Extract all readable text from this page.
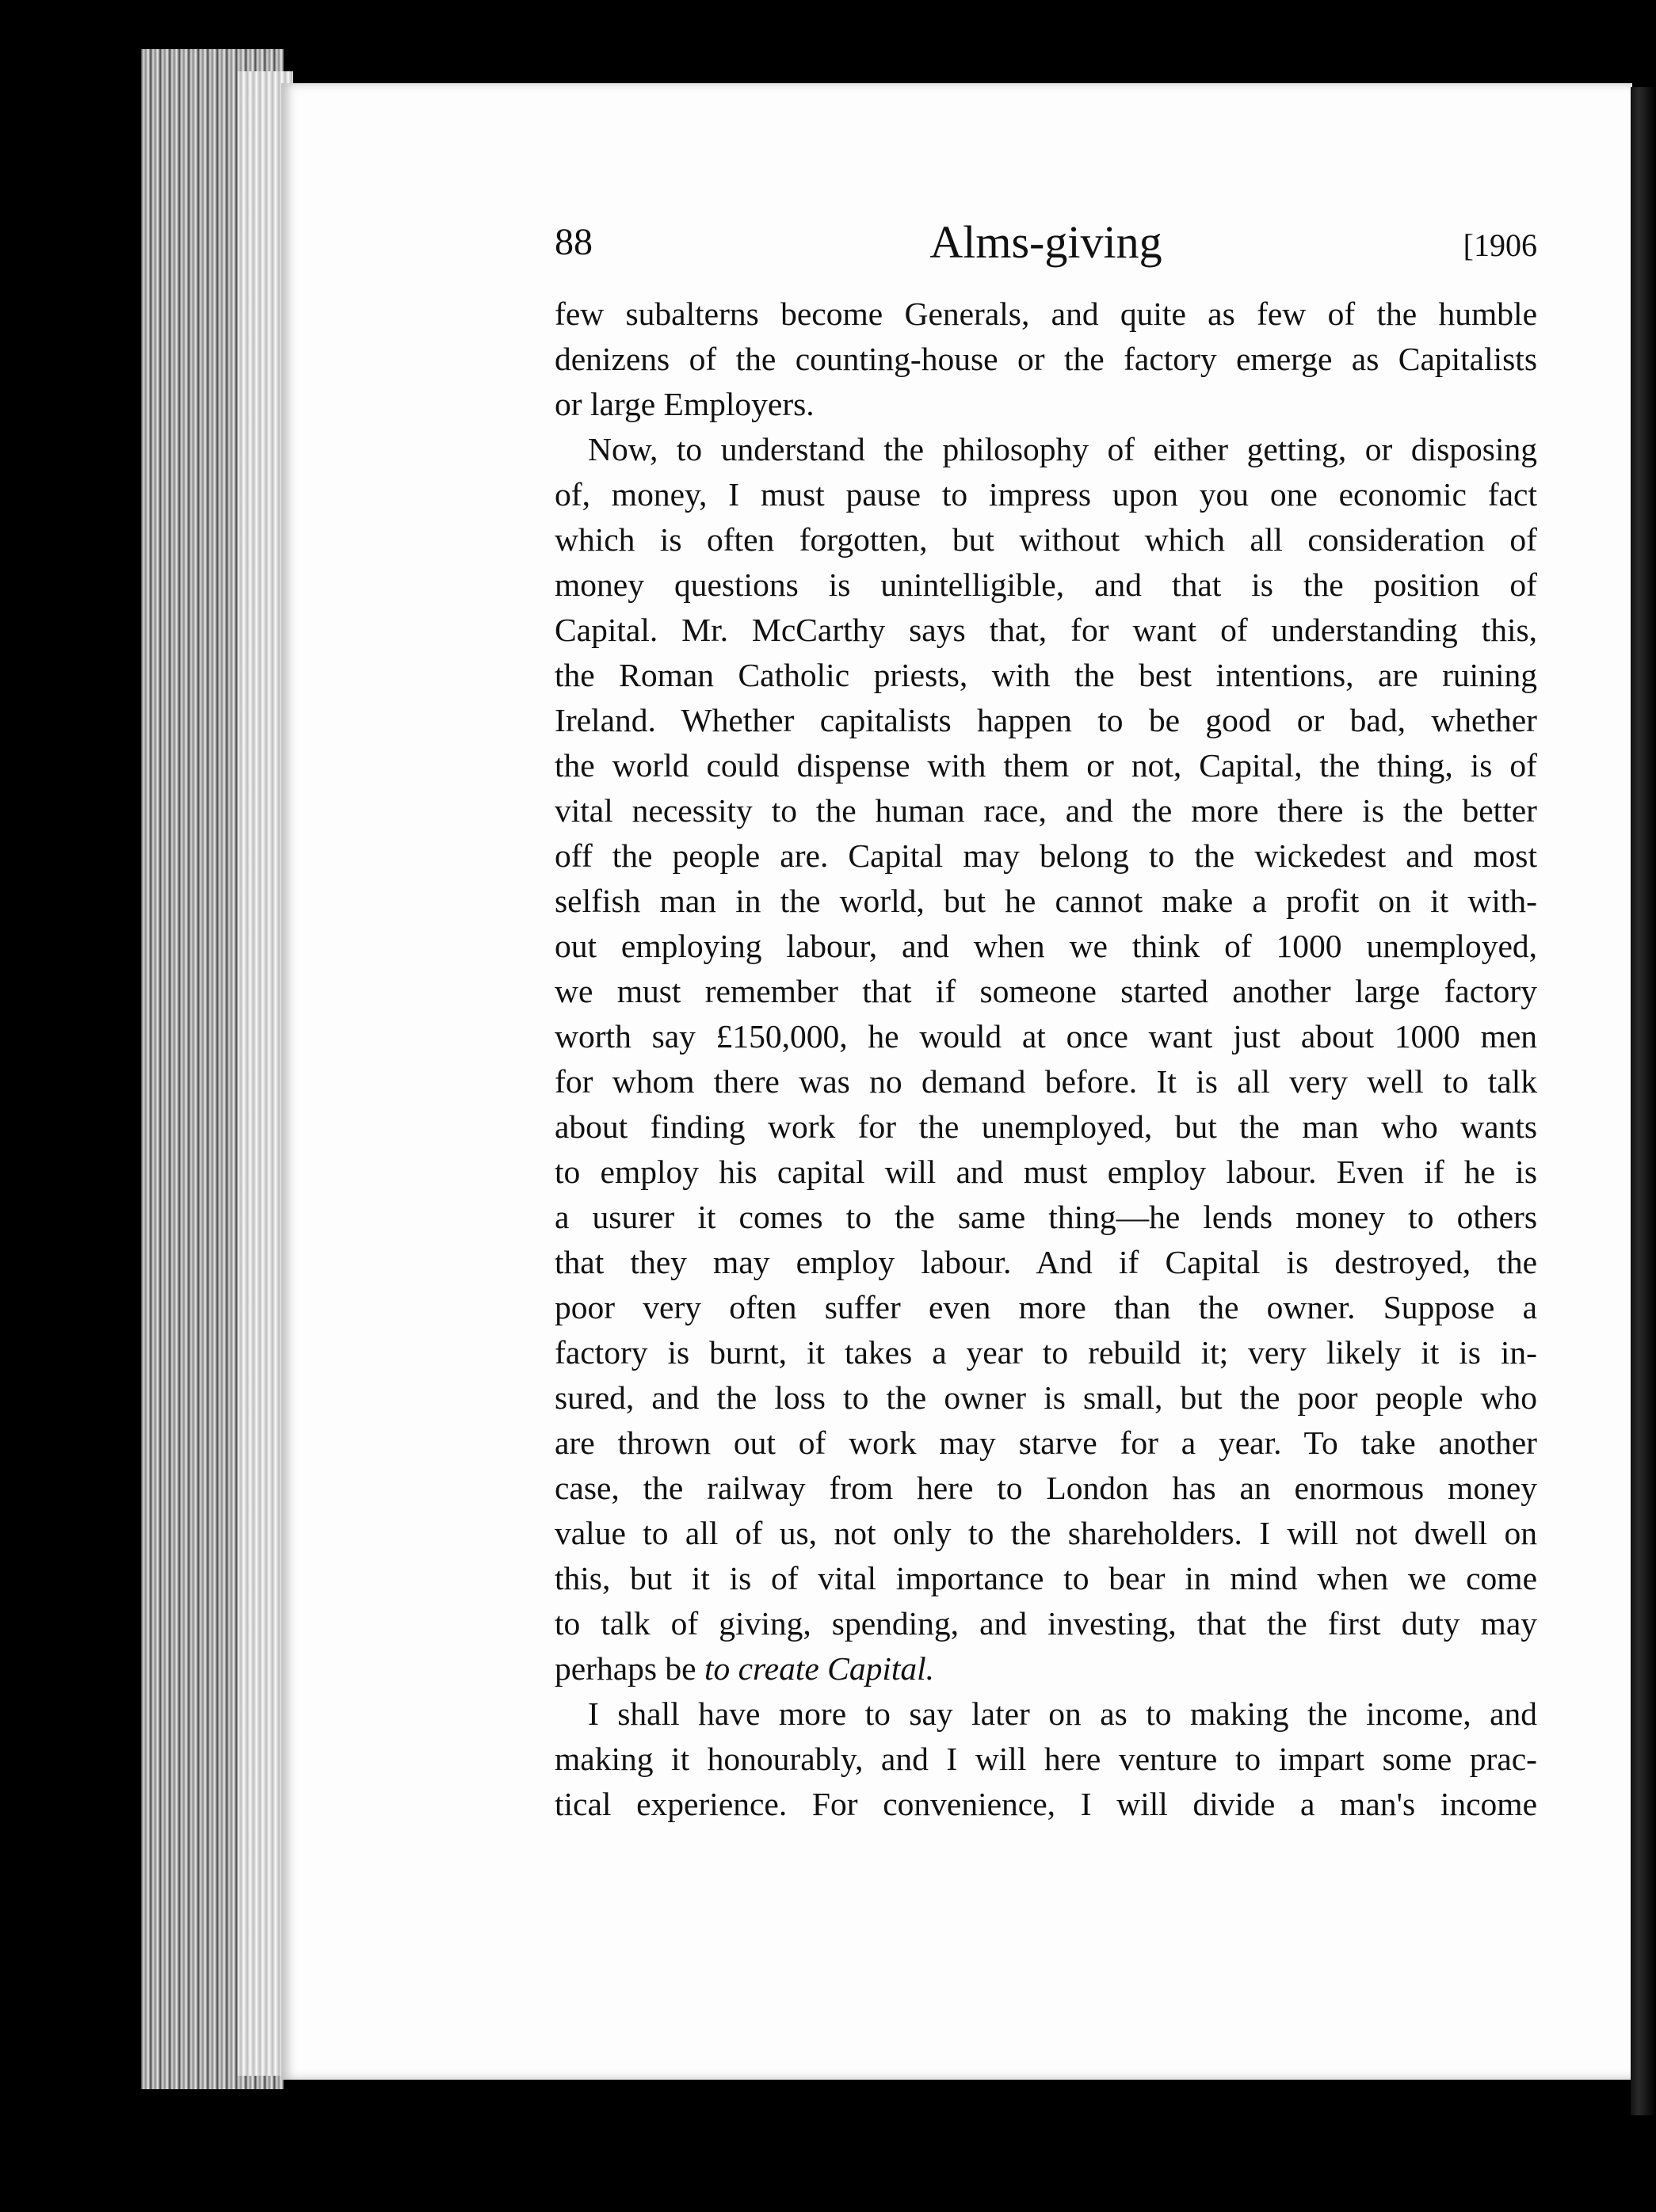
Alms-giving
88	[1906
few subalterns become Generals, and quite as few of the humble
denizens of the counting-house or the factory emerge as Capitalists
or large Employers.
Now, to understand the philosophy of either getting, or disposing
of, money, I must pause to impress upon you one economic fact
which is often forgotten, but without which all consideration of
money questions is unintelligible, and that is the position of
Capital. Mr. McCarthy says that, for want of understanding this,
the Roman Catholic priests, with the best intentions, are ruining
Ireland. Whether capitalists happen to be good or bad, whether
the world could dispense with them or not, Capital, the thing, is of
vital necessity to the human race, and the more there is the better
off the people are. Capital may belong to the wickedest and most
selfish man in the world, but he cannot make a profit on it with-
out employing labour, and when we think of 1000 unemployed,
we must remember that if someone started another large factory
worth say £150,000, he would at once want just about 1000 men
for whom there was no demand before. It is all very well to talk
about finding work for the unemployed, but the man who wants
to employ his capital will and must employ labour. Even if he is
a usurer it comes to the same thing—he lends money to others
that they may employ labour. And if Capital is destroyed, the
poor very often suffer even more than the owner. Suppose a
factory is burnt, it takes a year to rebuild it; very likely it is in-
sured, and the loss to the owner is small, but the poor people who
are thrown out of work may starve for a year. To take another
case, the railway from here to London has an enormous money
value to all of us, not only to the shareholders. I will not dwell on
this, but it is of vital importance to bear in mind when we come
to talk of giving, spending, and investing, that the first duty may
perhaps be to create Capital.
I shall have more to say later on as to making the income, and
making it honourably, and I will here venture to impart some prac-
tical experience. For convenience, I will divide a man's income
